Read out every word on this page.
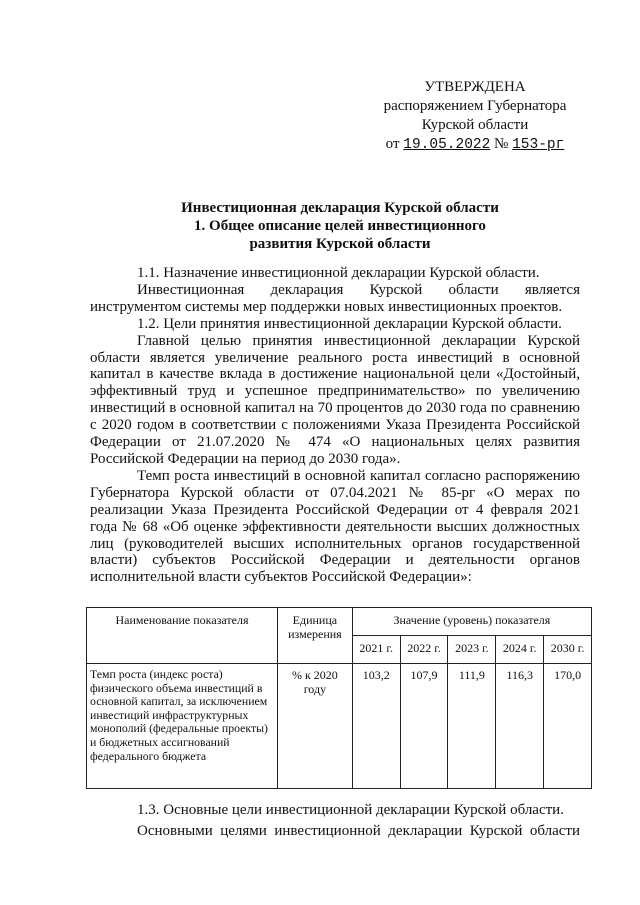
УТВЕРЖДЕНА
распоряжением Губернатора
Курской области
от 19.05.2022 № 153-рг
Инвестиционная декларация Курской области
1. Общее описание целей инвестиционного
развития Курской области

1.1. Назначение инвестиционной декларации Курской области.

Инвестиционная декларация Курской области является

инструментом системы мер поддержки новых инвестиционных проектов.

1.2. Цели принятия инвестиционной декларации Курской области.

Главной целью принятия инвестиционной декларации Курской области является увеличение реального роста инвестиций в основной капитал в качестве вклада в достижение национальной цели «Достойный, эффективный труд и успешное предпринимательство» по увеличению инвестиций в основной капитал на 70 процентов до 2030 года по сравнению с 2020 годом в соответствии с положениями Указа Президента Российской Федерации от 21.07.2020 № 474 «О национальных целях развития Российской Федерации на период до 2030 года».

Темп роста инвестиций в основной капитал согласно распоряжению Губернатора Курской области от 07.04.2021 № 85-рг «О мерах по реализации Указа Президента Российской Федерации от 4 февраля 2021 года № 68 «Об оценке эффективности деятельности высших должностных лиц (руководителей высших исполнительных органов государственной власти) субъектов Российской Федерации и деятельности органов исполнительной власти субъектов Российской Федерации»:

Наименование показателя	Единица измерения	Значение (уровень) показателя				
		2021 г.	2022 г.	2023 г.	2024 г.	2030 г.
Темп роста (индекс роста) физического объема инвестиций в основной капитал, за исключением инвестиций инфраструктурных монополий (федеральные проекты) и бюджетных ассигнований федерального бюджета	% к 2020 году	103,2	107,9	111,9	116,3	170,0

1.3. Основные цели инвестиционной декларации Курской области.

Основными целями инвестиционной декларации Курской области
